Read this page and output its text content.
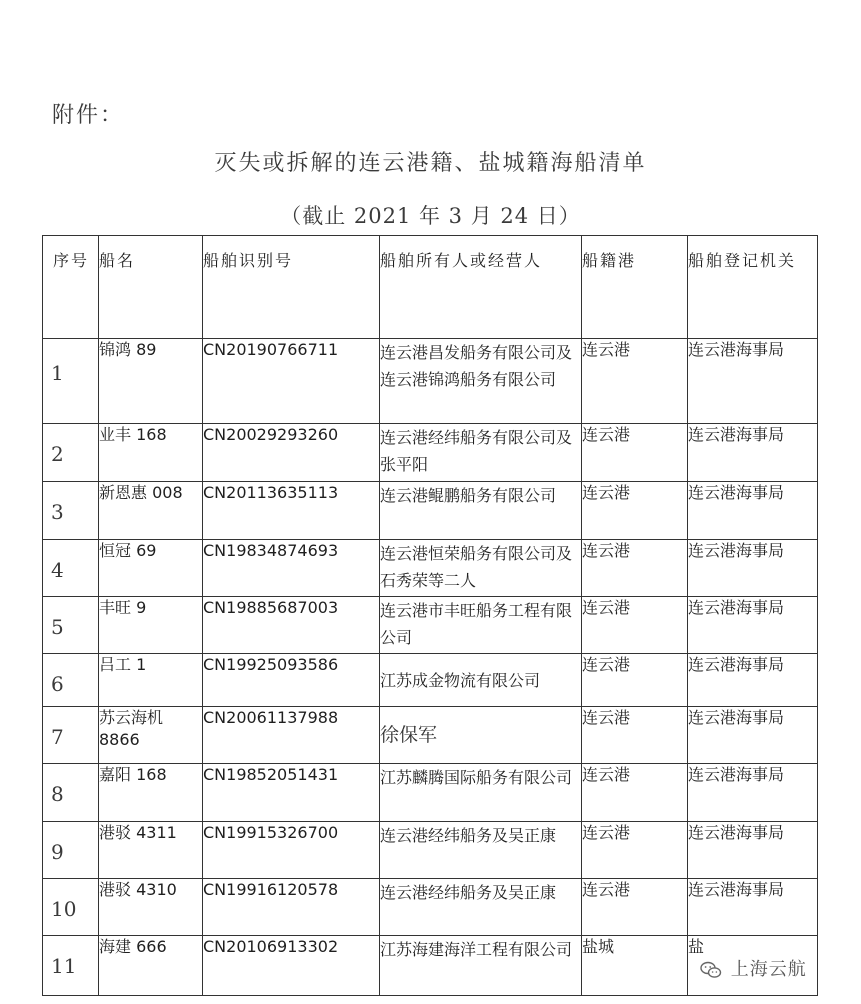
附件：
灭失或拆解的连云港籍、盐城籍海船清单
（截止 2021 年 3 月 24 日）
序号	船名	船舶识别号	船舶所有人或经营人	船籍港	船舶登记机关
1	锦鸿 89	CN20190766711	连云港昌发船务有限公司及连云港锦鸿船务有限公司	连云港	连云港海事局
2	业丰 168	CN20029293260	连云港经纬船务有限公司及张平阳	连云港	连云港海事局
3	新恩惠 008	CN20113635113	连云港鲲鹏船务有限公司	连云港	连云港海事局
4	恒冠 69	CN19834874693	连云港恒荣船务有限公司及石秀荣等二人	连云港	连云港海事局
5	丰旺 9	CN19885687003	连云港市丰旺船务工程有限公司	连云港	连云港海事局
6	吕工 1	CN19925093586	江苏成金物流有限公司	连云港	连云港海事局
7	苏云海机 8866	CN20061137988	徐保军	连云港	连云港海事局
8	嘉阳 168	CN19852051431	江苏麟腾国际船务有限公司	连云港	连云港海事局
9	港驳 4311	CN19915326700	连云港经纬船务及吴正康	连云港	连云港海事局
10	港驳 4310	CN19916120578	连云港经纬船务及吴正康	连云港	连云港海事局
11	海建 666	CN20106913302	江苏海建海洋工程有限公司	盐城	盐
上海云航
